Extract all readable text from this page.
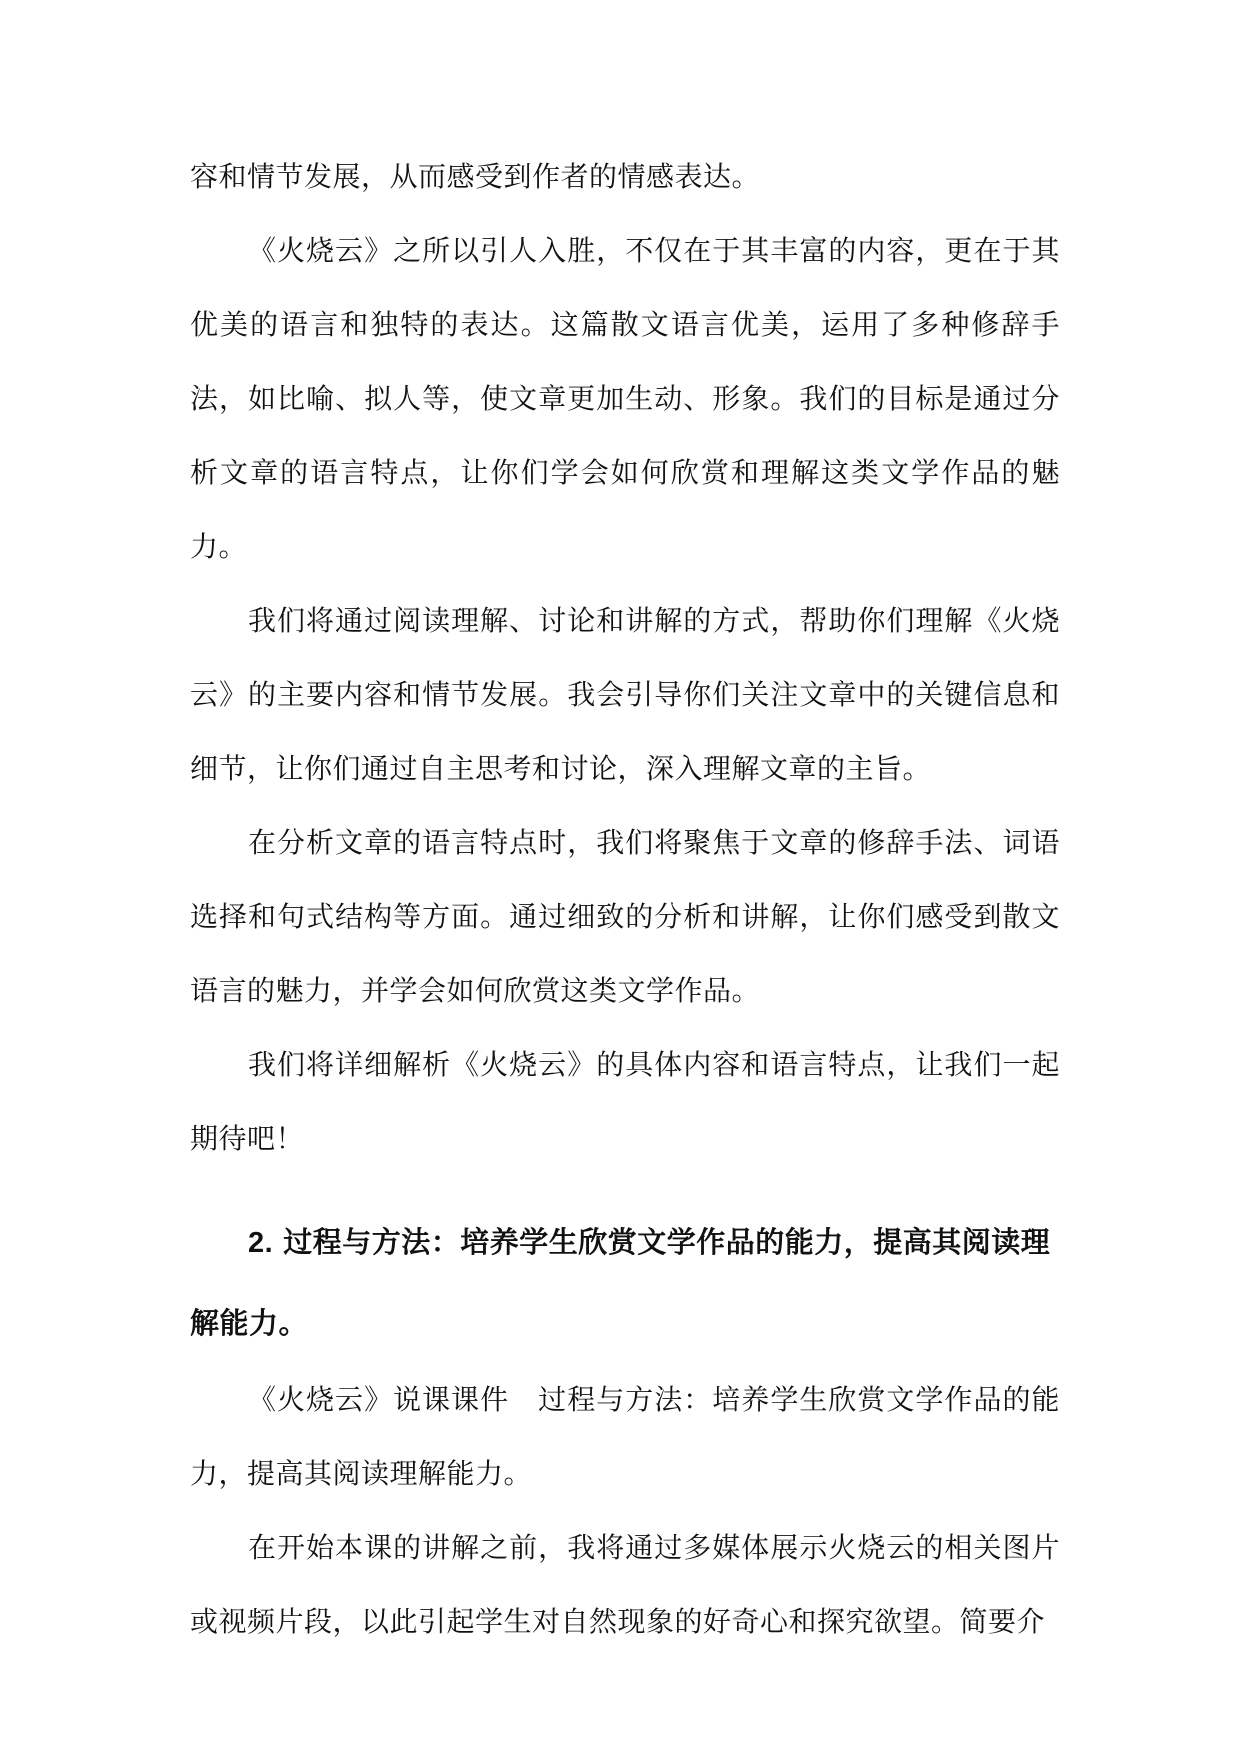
容和情节发展，从而感受到作者的情感表达。

《火烧云》之所以引人入胜，不仅在于其丰富的内容，更在于其优美的语言和独特的表达。这篇散文语言优美，运用了多种修辞手法，如比喻、拟人等，使文章更加生动、形象。我们的目标是通过分析文章的语言特点，让你们学会如何欣赏和理解这类文学作品的魅力。

我们将通过阅读理解、讨论和讲解的方式，帮助你们理解《火烧云》的主要内容和情节发展。我会引导你们关注文章中的关键信息和细节，让你们通过自主思考和讨论，深入理解文章的主旨。

在分析文章的语言特点时，我们将聚焦于文章的修辞手法、词语选择和句式结构等方面。通过细致的分析和讲解，让你们感受到散文语言的魅力，并学会如何欣赏这类文学作品。

我们将详细解析《火烧云》的具体内容和语言特点，让我们一起期待吧！

2. 过程与方法：培养学生欣赏文学作品的能力，提高其阅读理解能力。

《火烧云》说课课件　过程与方法：培养学生欣赏文学作品的能力，提高其阅读理解能力。

在开始本课的讲解之前，我将通过多媒体展示火烧云的相关图片或视频片段，以此引起学生对自然现象的好奇心和探究欲望。简要介
